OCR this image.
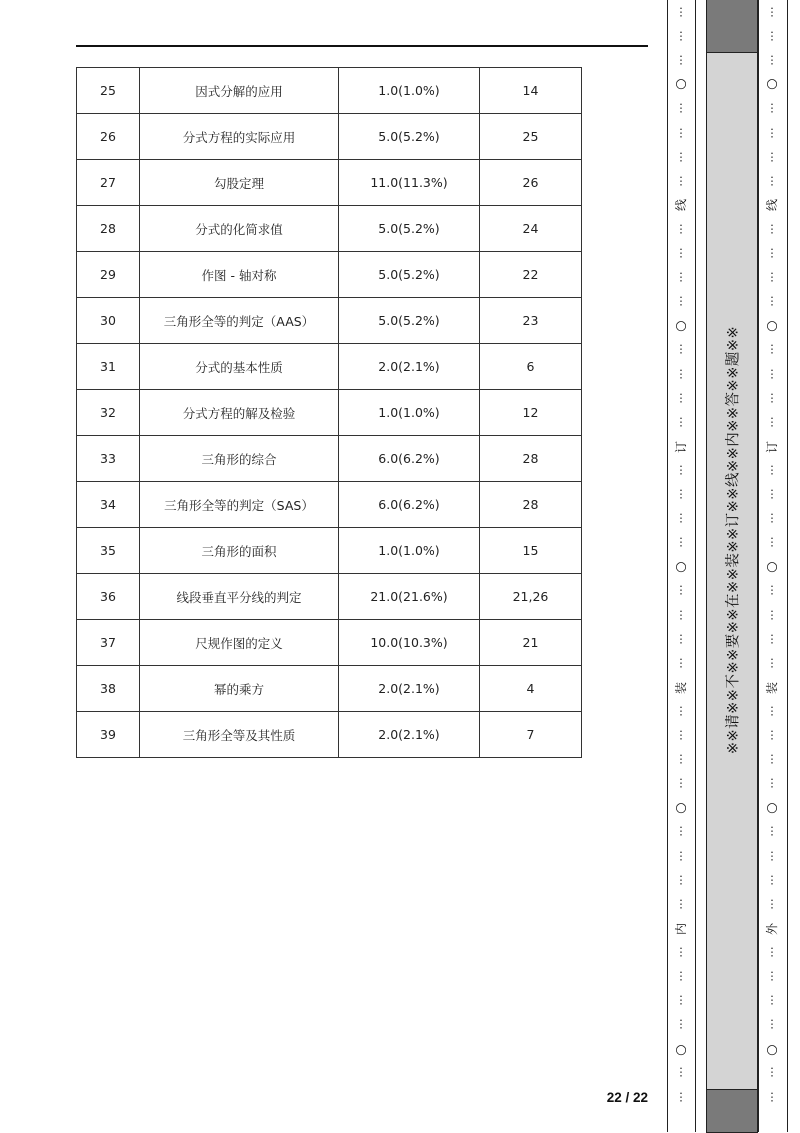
25	因式分解的应用	1.0(1.0%)	14
26	分式方程的实际应用	5.0(5.2%)	25
27	勾股定理	11.0(11.3%)	26
28	分式的化简求值	5.0(5.2%)	24
29	作图 - 轴对称	5.0(5.2%)	22
30	三角形全等的判定（AAS）	5.0(5.2%)	23
31	分式的基本性质	2.0(2.1%)	6
32	分式方程的解及检验	1.0(1.0%)	12
33	三角形的综合	6.0(6.2%)	28
34	三角形全等的判定（SAS）	6.0(6.2%)	28
35	三角形的面积	1.0(1.0%)	15
36	线段垂直平分线的判定	21.0(21.6%)	21,26
37	尺规作图的定义	10.0(10.3%)	21
38	幂的乘方	2.0(2.1%)	4
39	三角形全等及其性质	2.0(2.1%)	7
22 / 22
※※请※※不※※要※※在※※装※※订※※线※※内※※答※※题※※
⋮
⋮
⋮
⋮
⋮
⋮
⋮
⋮
⋮
⋮
⋮
⋮
⋮
⋮
⋮
⋮
⋮
⋮
⋮
⋮
⋮
⋮
⋮
⋮
⋮
⋮
⋮
⋮
⋮
⋮
⋮
⋮
⋮
⋮
⋮
⋮
⋮
○
○
○
○
○
线
订
装
内
⋮
⋮
⋮
⋮
⋮
⋮
⋮
⋮
⋮
⋮
⋮
⋮
⋮
⋮
⋮
⋮
⋮
⋮
⋮
⋮
⋮
⋮
⋮
⋮
⋮
⋮
⋮
⋮
⋮
⋮
⋮
⋮
⋮
⋮
⋮
⋮
⋮
○
○
○
○
○
线
订
装
外
